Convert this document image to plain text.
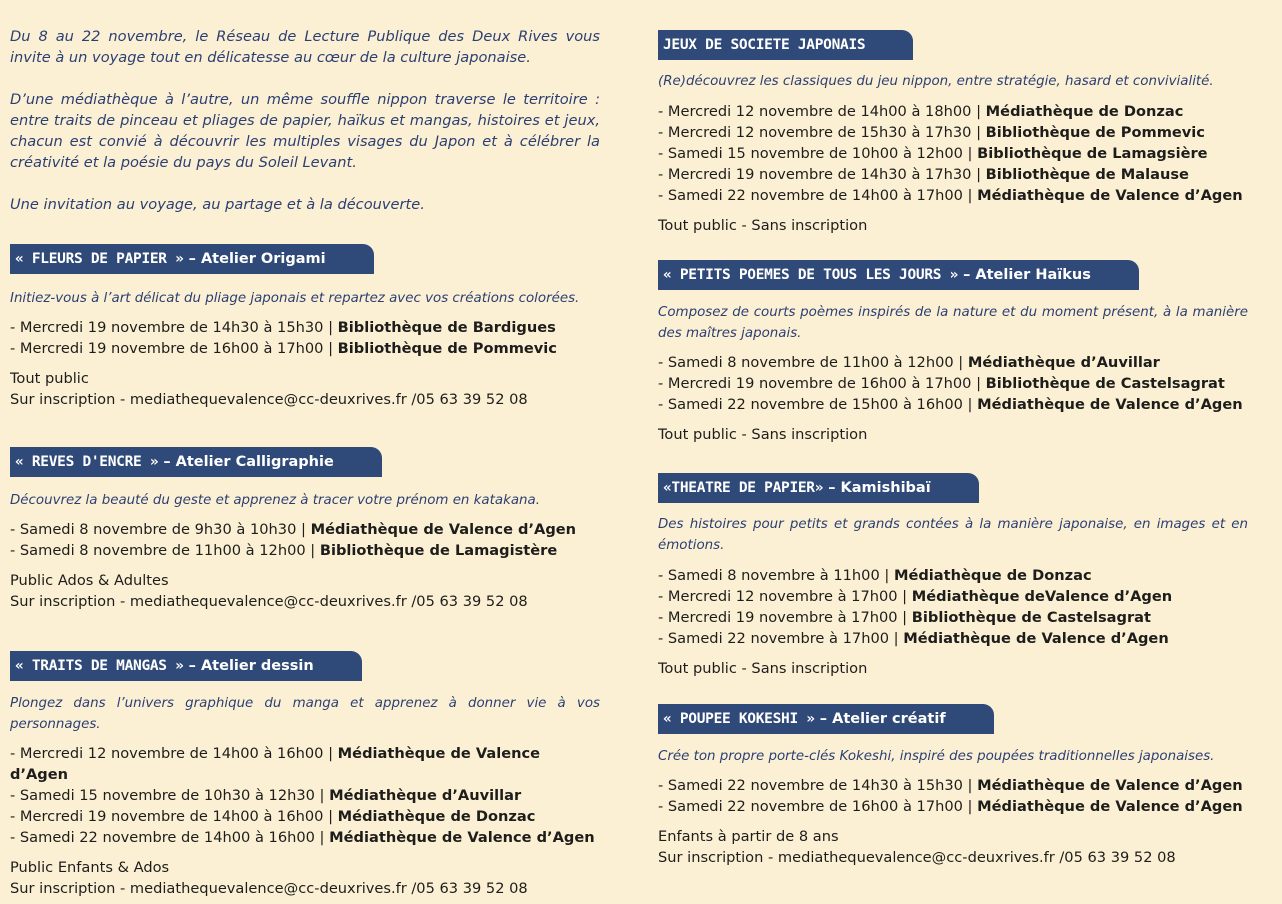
Du 8 au 22 novembre, le Réseau de Lecture Publique des Deux Rives vous invite à un voyage tout en délicatesse au cœur de la culture japonaise.

D’une médiathèque à l’autre, un même souffle nippon traverse le territoire : entre traits de pinceau et pliages de papier, haïkus et mangas, histoires et jeux, chacun est convié à découvrir les multiples visages du Japon et à célébrer la créativité et la poésie du pays du Soleil Levant.

Une invitation au voyage, au partage et à la découverte.

« FLEURS DE PAPIER » – Atelier Origami

Initiez-vous à l’art délicat du pliage japonais et repartez avec vos créations colorées.

- Mercredi 19 novembre de 14h30 à 15h30 | Bibliothèque de Bardigues
- Mercredi 19 novembre de 16h00 à 17h00 | Bibliothèque de Pommevic
Tout public
Sur inscription - mediathequevalence@cc-deuxrives.fr /05 63 39 52 08
« REVES D'ENCRE » – Atelier Calligraphie

Découvrez la beauté du geste et apprenez à tracer votre prénom en katakana.

- Samedi 8 novembre de 9h30 à 10h30 | Médiathèque de Valence d’Agen
- Samedi 8 novembre de 11h00 à 12h00 | Bibliothèque de Lamagistère
Public Ados & Adultes
Sur inscription - mediathequevalence@cc-deuxrives.fr /05 63 39 52 08
« TRAITS DE MANGAS » – Atelier dessin

Plongez dans l’univers graphique du manga et apprenez à donner vie à vos personnages.

- Mercredi 12 novembre de 14h00 à 16h00 | Médiathèque de Valence d’Agen
- Samedi 15 novembre de 10h30 à 12h30 | Médiathèque d’Auvillar
- Mercredi 19 novembre de 14h00 à 16h00 | Médiathèque de Donzac
- Samedi 22 novembre de 14h00 à 16h00 | Médiathèque de Valence d’Agen
Public Enfants & Ados
Sur inscription - mediathequevalence@cc-deuxrives.fr /05 63 39 52 08
JEUX DE SOCIETE JAPONAIS

(Re)découvrez les classiques du jeu nippon, entre stratégie, hasard et convivialité.

- Mercredi 12 novembre de 14h00 à 18h00 | Médiathèque de Donzac
- Mercredi 12 novembre de 15h30 à 17h30 | Bibliothèque de Pommevic
- Samedi 15 novembre de 10h00 à 12h00 | Bibliothèque de Lamagsière
- Mercredi 19 novembre de 14h30 à 17h30 | Bibliothèque de Malause
- Samedi 22 novembre de 14h00 à 17h00 | Médiathèque de Valence d’Agen
Tout public - Sans inscription
« PETITS POEMES DE TOUS LES JOURS » – Atelier Haïkus

Composez de courts poèmes inspirés de la nature et du moment présent, à la manière des maîtres japonais.

- Samedi 8 novembre de 11h00 à 12h00 | Médiathèque d’Auvillar
- Mercredi 19 novembre de 16h00 à 17h00 | Bibliothèque de Castelsagrat
- Samedi 22 novembre de 15h00 à 16h00 | Médiathèque de Valence d’Agen
Tout public - Sans inscription
«THEATRE DE PAPIER» – Kamishibaï

Des histoires pour petits et grands contées à la manière japonaise, en images et en émotions.

- Samedi 8 novembre à 11h00 | Médiathèque de Donzac
- Mercredi 12 novembre à 17h00 | Médiathèque deValence d’Agen
- Mercredi 19 novembre à 17h00 | Bibliothèque de Castelsagrat
- Samedi 22 novembre à 17h00 | Médiathèque de Valence d’Agen
Tout public - Sans inscription
« POUPEE KOKESHI » – Atelier créatif

Crée ton propre porte-clés Kokeshi, inspiré des poupées traditionnelles japonaises.

- Samedi 22 novembre de 14h30 à 15h30 | Médiathèque de Valence d’Agen
- Samedi 22 novembre de 16h00 à 17h00 | Médiathèque de Valence d’Agen
Enfants à partir de 8 ans
Sur inscription - mediathequevalence@cc-deuxrives.fr /05 63 39 52 08
